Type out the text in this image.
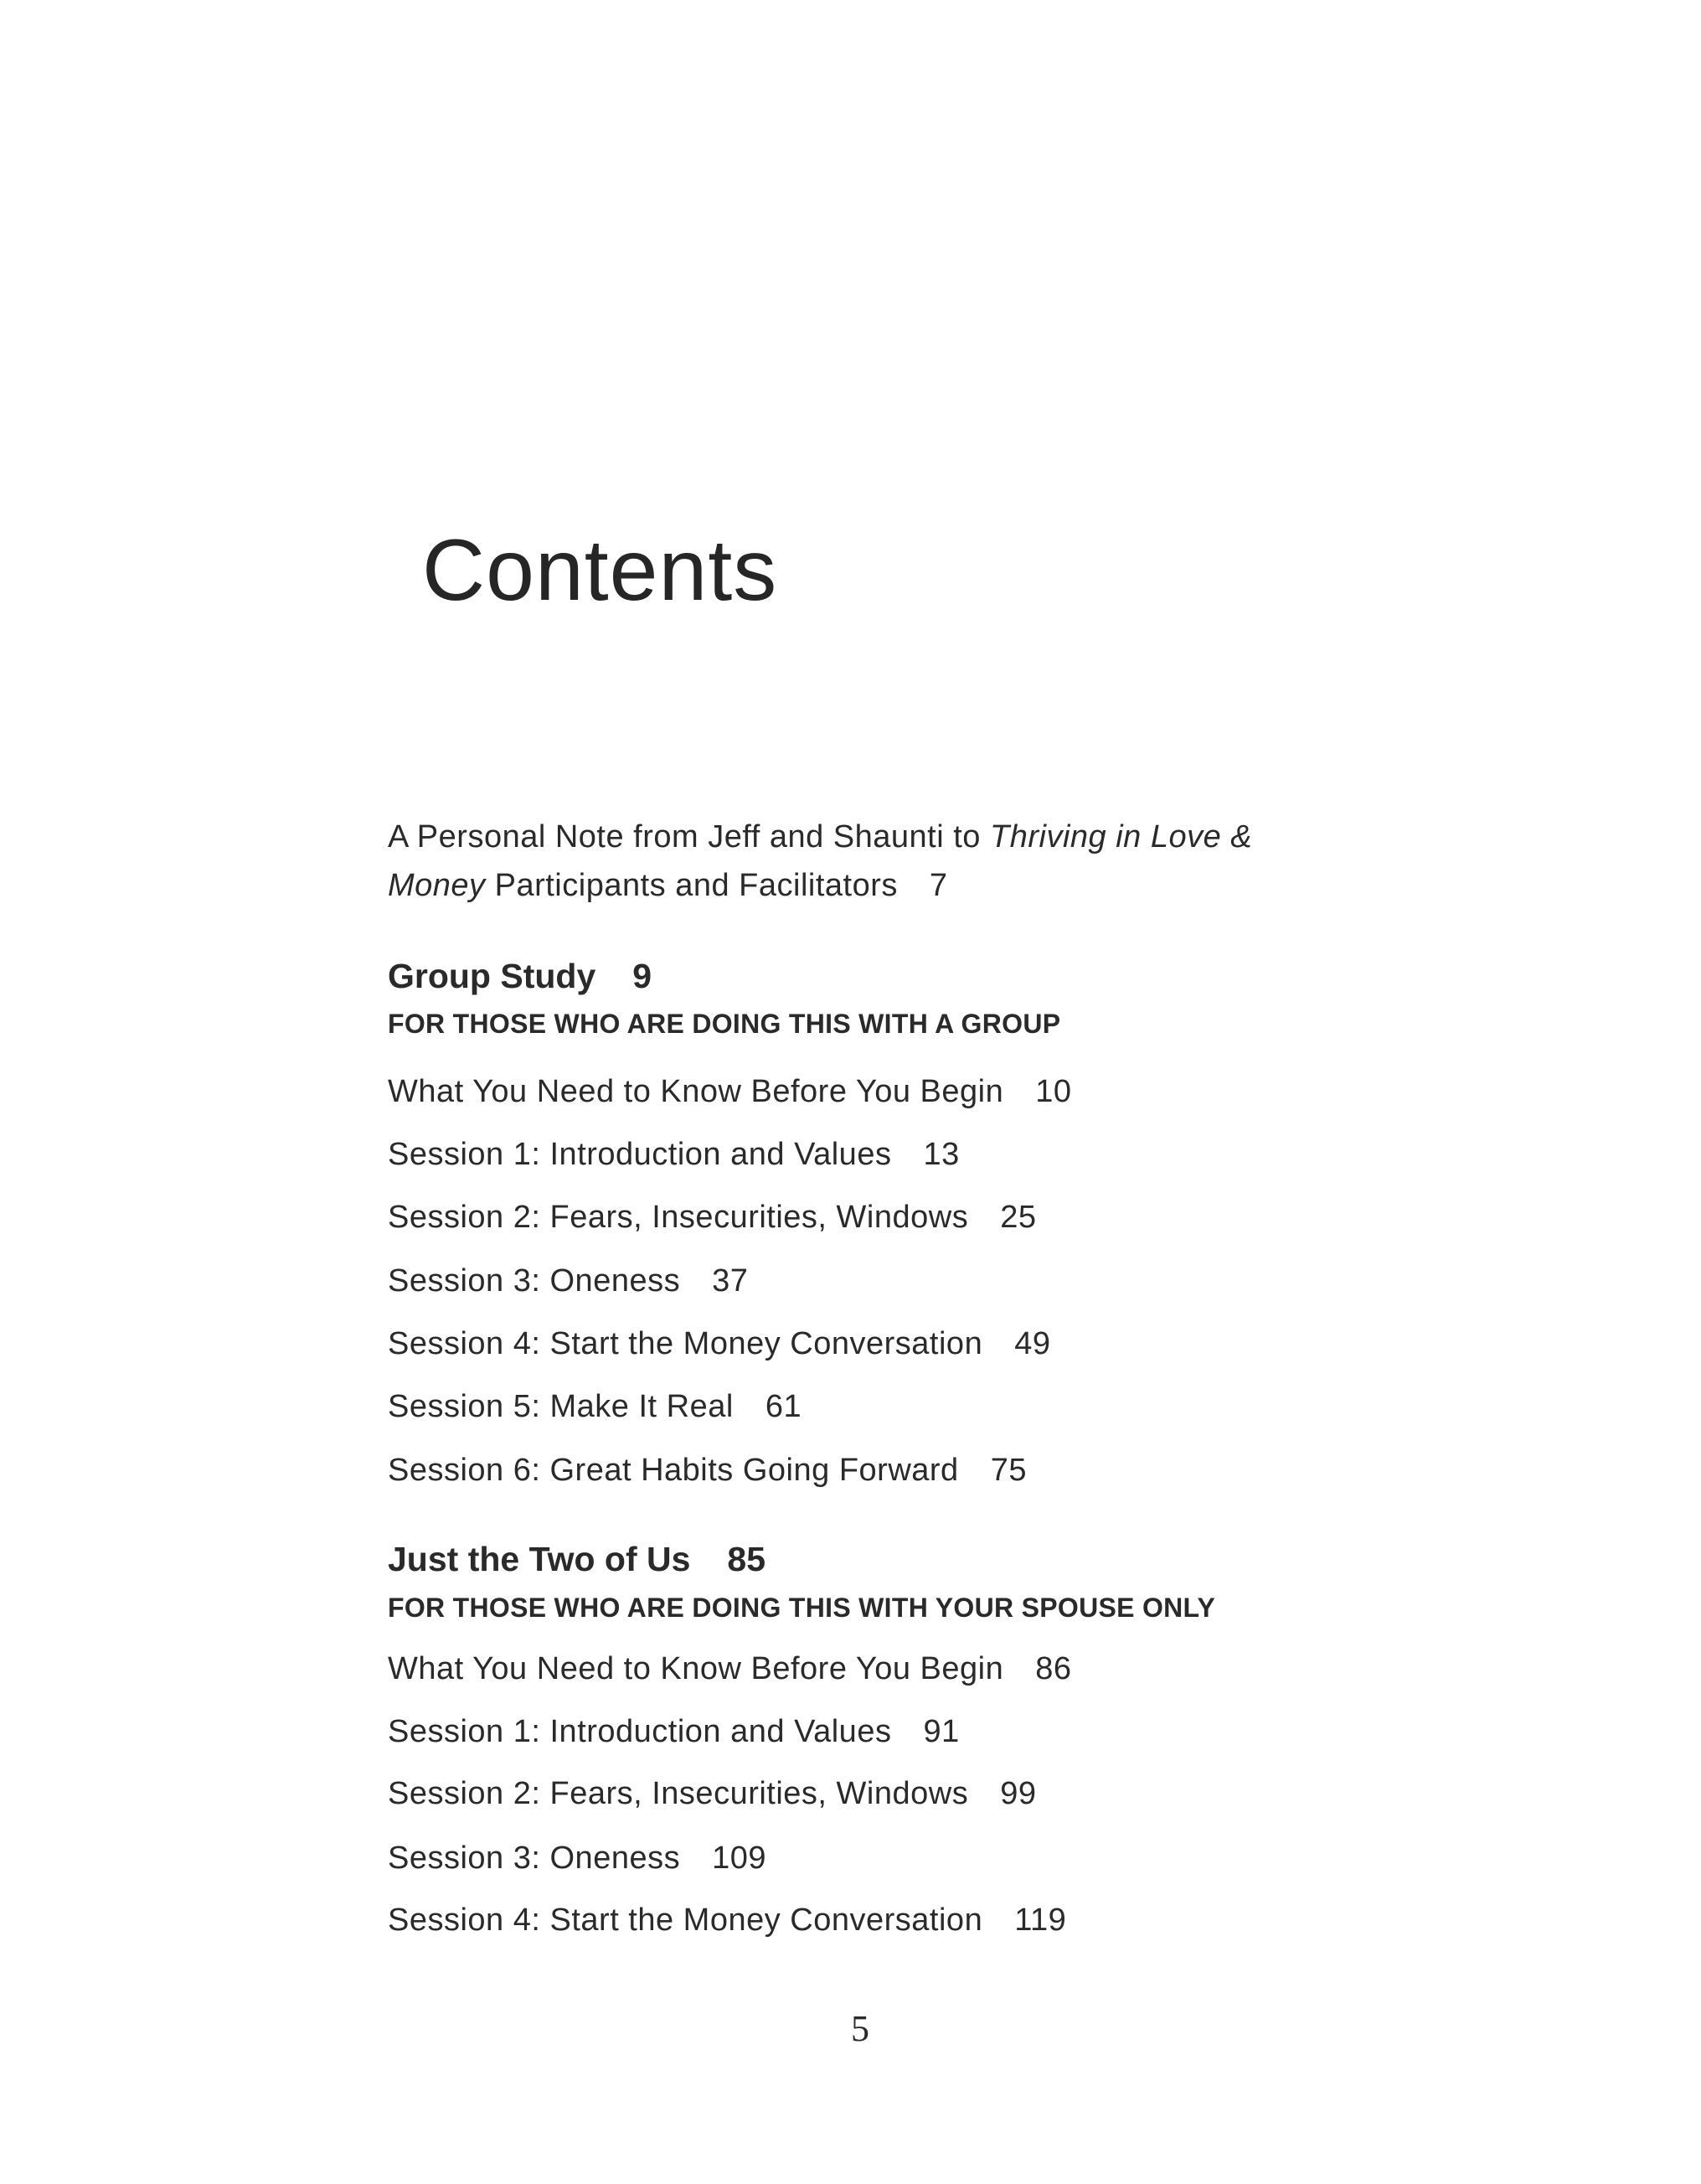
Contents
A Personal Note from Jeff and Shaunti to Thriving in Love &
Money Participants and Facilitators 7
Group Study 9
FOR THOSE WHO ARE DOING THIS WITH A GROUP
What You Need to Know Before You Begin 10
Session 1: Introduction and Values 13
Session 2: Fears, Insecurities, Windows 25
Session 3: Oneness 37
Session 4: Start the Money Conversation 49
Session 5: Make It Real 61
Session 6: Great Habits Going Forward 75
Just the Two of Us 85
FOR THOSE WHO ARE DOING THIS WITH YOUR SPOUSE ONLY
What You Need to Know Before You Begin 86
Session 1: Introduction and Values 91
Session 2: Fears, Insecurities, Windows 99
Session 3: Oneness 109
Session 4: Start the Money Conversation 119
5
